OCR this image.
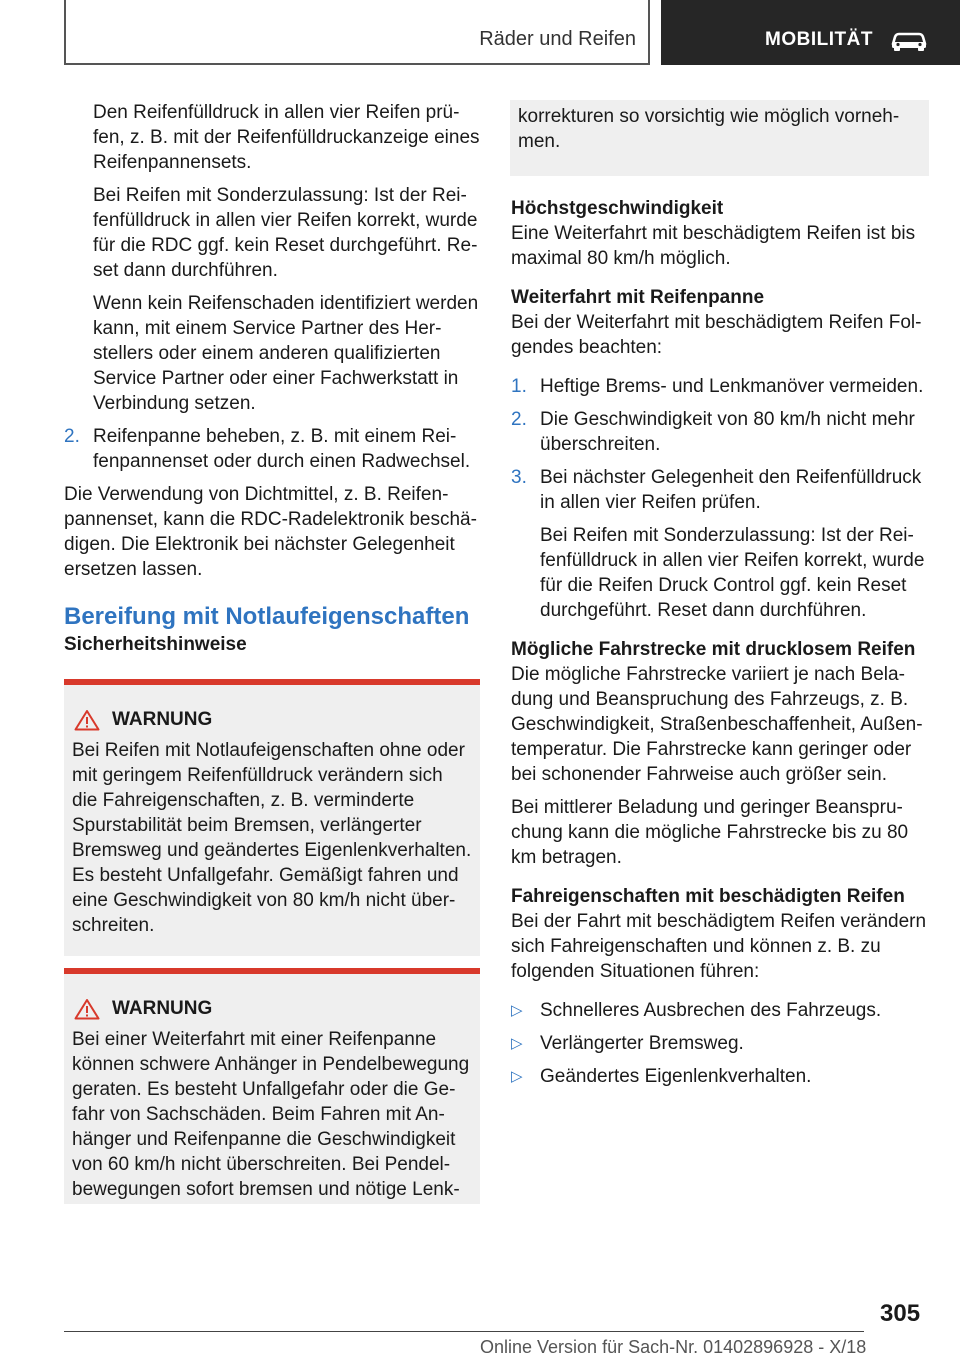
Räder und Reifen	MOBILITÄT

Den Reifenfülldruck in allen vier Reifen prüfen, z. B. mit der Reifenfülldruckanzeige eines Reifenpannensets.

Bei Reifen mit Sonderzulassung: Ist der Reifenfülldruck in allen vier Reifen korrekt, wurde für die RDC ggf. kein Reset durchgeführt. Reset dann durchführen.

Wenn kein Reifenschaden identifiziert werden kann, mit einem Service Partner des Herstellers oder einem anderen qualifizierten Service Partner oder einer Fachwerkstatt in Verbindung setzen.

2. Reifenpanne beheben, z. B. mit einem Reifenpannenset oder durch einen Radwechsel.

Die Verwendung von Dichtmittel, z. B. Reifenpannenset, kann die RDC-Radelektronik beschädigen. Die Elektronik bei nächster Gelegenheit ersetzen lassen.

Bereifung mit Notlaufeigenschaften

Sicherheitshinweise

WARNUNG

Bei Reifen mit Notlaufeigenschaften ohne oder mit geringem Reifenfülldruck verändern sich die Fahreigenschaften, z. B. verminderte Spurstabilität beim Bremsen, verlängerter Bremsweg und geändertes Eigenlenkverhalten. Es besteht Unfallgefahr. Gemäßigt fahren und eine Geschwindigkeit von 80 km/h nicht überschreiten.

WARNUNG

Bei einer Weiterfahrt mit einer Reifenpanne können schwere Anhänger in Pendelbewegung geraten. Es besteht Unfallgefahr oder die Gefahr von Sachschäden. Beim Fahren mit Anhänger und Reifenpanne die Geschwindigkeit von 60 km/h nicht überschreiten. Bei Pendelbewegungen sofort bremsen und nötige Lenk-

korrekturen so vorsichtig wie möglich vornehmen.

Höchstgeschwindigkeit

Eine Weiterfahrt mit beschädigtem Reifen ist bis maximal 80 km/h möglich.

Weiterfahrt mit Reifenpanne

Bei der Weiterfahrt mit beschädigtem Reifen Folgendes beachten:

1. Heftige Brems- und Lenkmanöver vermeiden.

2. Die Geschwindigkeit von 80 km/h nicht mehr überschreiten.

3. Bei nächster Gelegenheit den Reifenfülldruck in allen vier Reifen prüfen.

Bei Reifen mit Sonderzulassung: Ist der Reifenfülldruck in allen vier Reifen korrekt, wurde für die Reifen Druck Control ggf. kein Reset durchgeführt. Reset dann durchführen.

Mögliche Fahrstrecke mit drucklosem Reifen

Die mögliche Fahrstrecke variiert je nach Beladung und Beanspruchung des Fahrzeugs, z. B. Geschwindigkeit, Straßenbeschaffenheit, Außentemperatur. Die Fahrstrecke kann geringer oder bei schonender Fahrweise auch größer sein.

Bei mittlerer Beladung und geringer Beanspruchung kann die mögliche Fahrstrecke bis zu 80 km betragen.

Fahreigenschaften mit beschädigten Reifen

Bei der Fahrt mit beschädigtem Reifen verändern sich Fahreigenschaften und können z. B. zu folgenden Situationen führen:

▷ Schnelleres Ausbrechen des Fahrzeugs.

▷ Verlängerter Bremsweg.

▷ Geändertes Eigenlenkverhalten.

305
Online Version für Sach-Nr. 01402896928 - X/18
